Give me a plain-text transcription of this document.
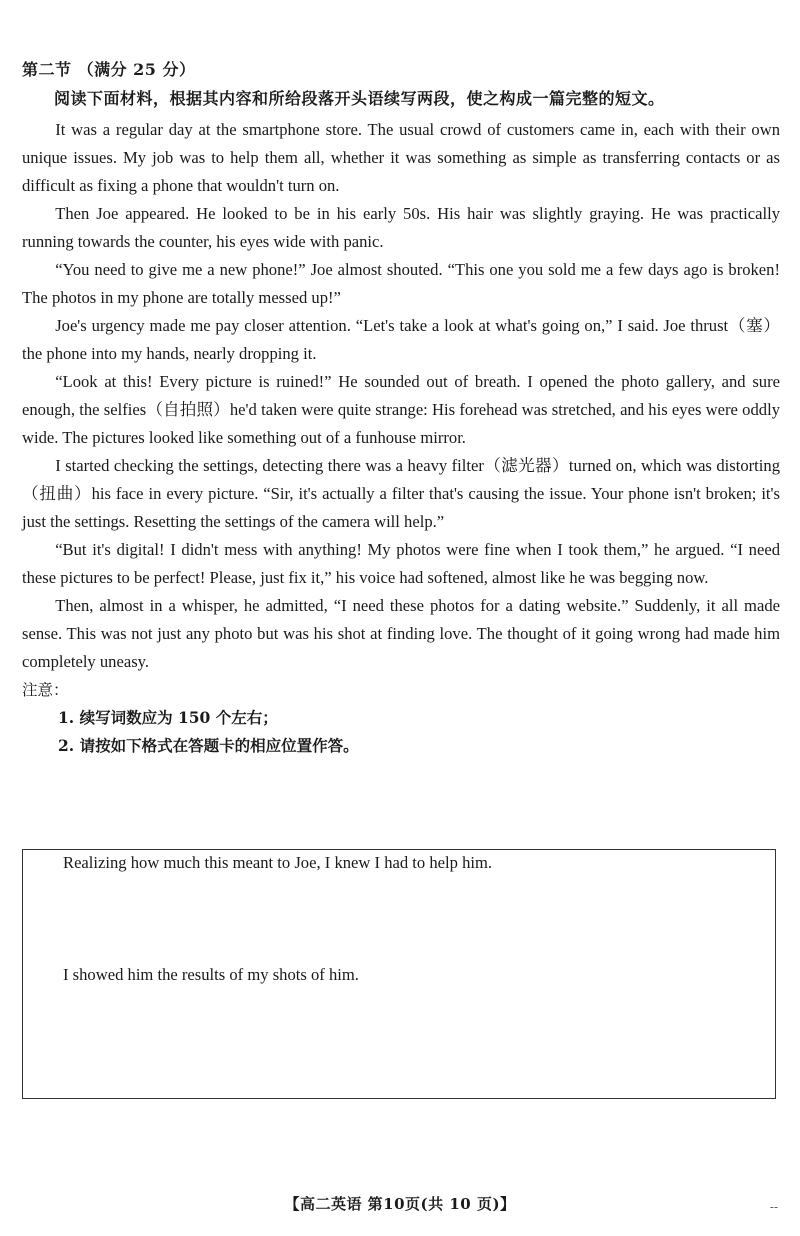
第二节 （满分 25 分）

阅读下面材料，根据其内容和所给段落开头语续写两段，使之构成一篇完整的短文。

It was a regular day at the smartphone store. The usual crowd of customers came in, each with their own unique issues. My job was to help them all, whether it was something as simple as transferring contacts or as difficult as fixing a phone that wouldn't turn on.

Then Joe appeared. He looked to be in his early 50s. His hair was slightly graying. He was practically running towards the counter, his eyes wide with panic.

“You need to give me a new phone!” Joe almost shouted. “This one you sold me a few days ago is broken! The photos in my phone are totally messed up!”

Joe's urgency made me pay closer attention. “Let's take a look at what's going on,” I said. Joe thrust（塞）the phone into my hands, nearly dropping it.

“Look at this! Every picture is ruined!” He sounded out of breath. I opened the photo gallery, and sure enough, the selfies（自拍照）he'd taken were quite strange: His forehead was stretched, and his eyes were oddly wide. The pictures looked like something out of a funhouse mirror.

I started checking the settings, detecting there was a heavy filter（滤光器）turned on, which was distorting（扭曲）his face in every picture. “Sir, it's actually a filter that's causing the issue. Your phone isn't broken; it's just the settings. Resetting the settings of the camera will help.”

“But it's digital! I didn't mess with anything! My photos were fine when I took them,” he argued. “I need these pictures to be perfect! Please, just fix it,” his voice had softened, almost like he was begging now.

Then, almost in a whisper, he admitted, “I need these photos for a dating website.” Suddenly, it all made sense. This was not just any photo but was his shot at finding love. The thought of it going wrong had made him completely uneasy.

注意：

1. 续写词数应为 150 个左右；

2. 请按如下格式在答题卡的相应位置作答。

Realizing how much this meant to Joe, I knew I had to help him.
I showed him the results of my shots of him.
【高二英语 第10页(共 10 页)】	--
